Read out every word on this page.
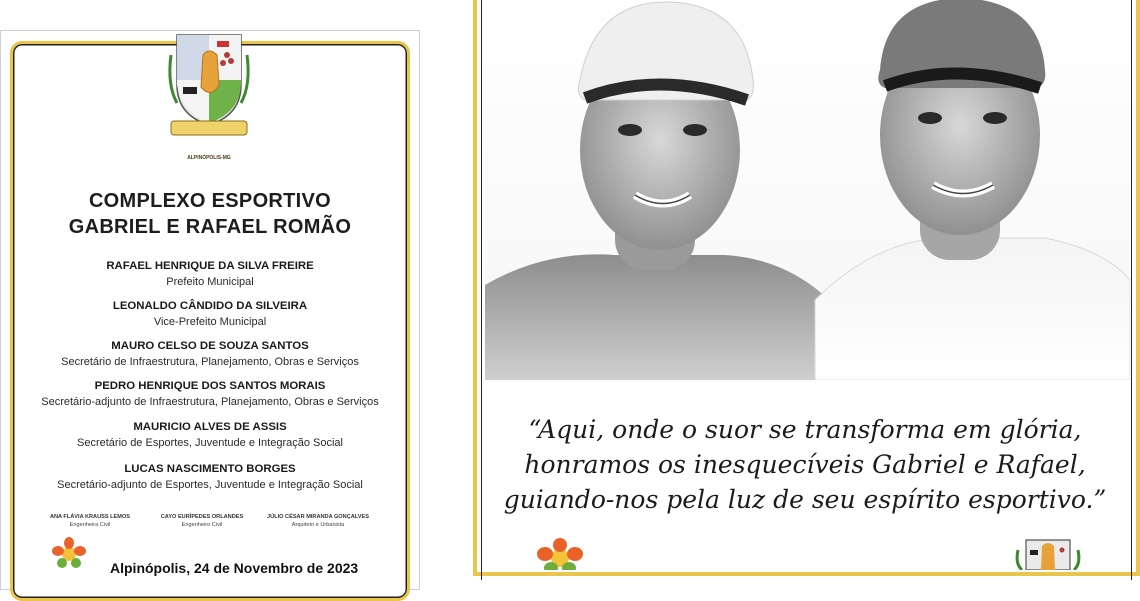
ALPINÓPOLIS-MG
COMPLEXO ESPORTIVO
GABRIEL E RAFAEL ROMÃO
RAFAEL HENRIQUE DA SILVA FREIRE
Prefeito Municipal
LEONALDO CÂNDIDO DA SILVEIRA
Vice-Prefeito Municipal
MAURO CELSO DE SOUZA SANTOS
Secretário de Infraestrutura, Planejamento, Obras e Serviços
PEDRO HENRIQUE DOS SANTOS MORAIS
Secretário-adjunto de Infraestrutura, Planejamento, Obras e Serviços
MAURICIO ALVES DE ASSIS
Secretário de Esportes, Juventude e Integração Social
LUCAS NASCIMENTO BORGES
Secretário-adjunto de Esportes, Juventude e Integração Social
ANA FLÁVIA KRAUSS LEMOS
Engenheira Civil
CAYO EURÍPEDES ORLANDES
Engenheiro Civil
JÚLIO CÉSAR MIRANDA GONÇALVES
Arquiteto e Urbanista
Alpinópolis, 24 de Novembro de 2023
“Aqui, onde o suor se transforma em glória,
honramos os inesquecíveis Gabriel e Rafael,
guiando-nos pela luz de seu espírito esportivo.”
